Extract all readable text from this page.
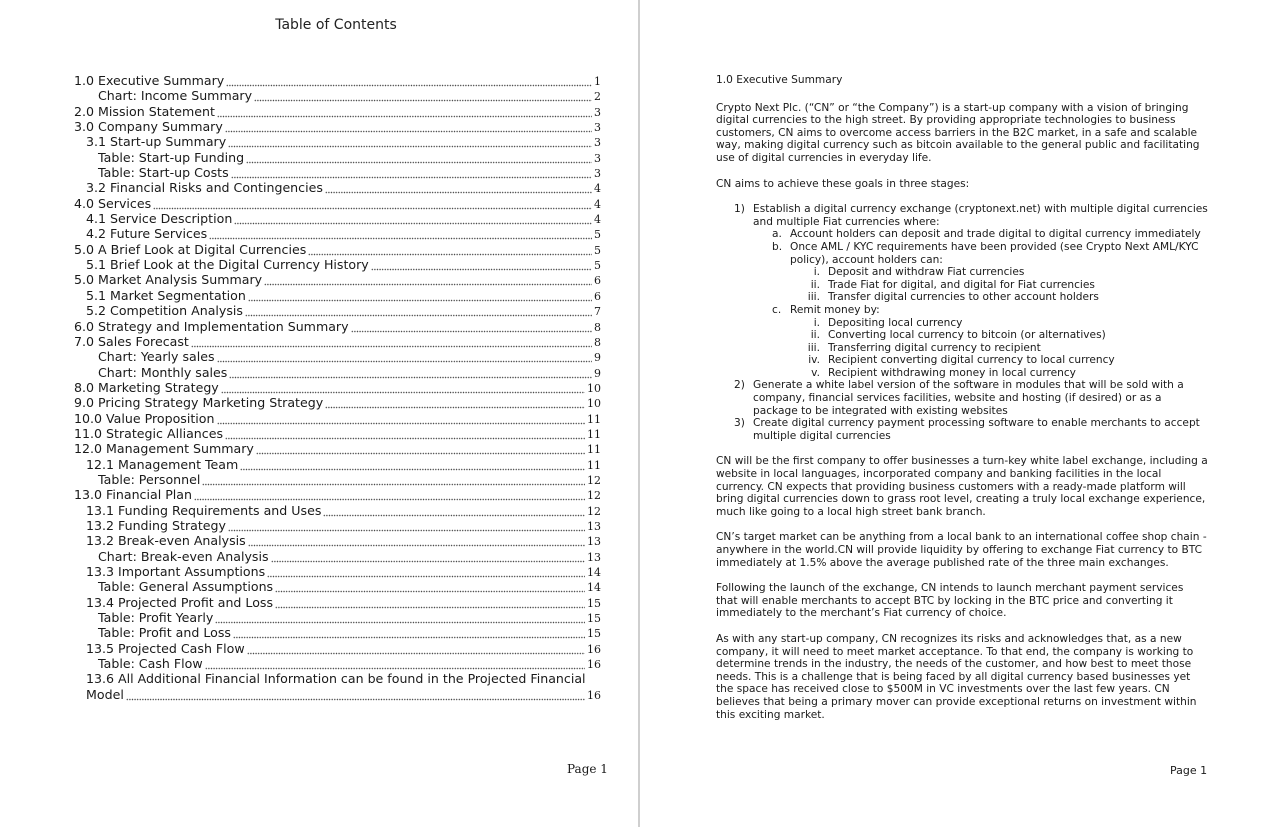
Table of Contents
1.0 Executive Summary	1
Chart: Income Summary	2
2.0 Mission Statement	3
3.0 Company Summary	3
3.1 Start-up Summary	3
Table: Start-up Funding	3
Table: Start-up Costs	3
3.2 Financial Risks and Contingencies	4
4.0 Services	4
4.1 Service Description	4
4.2 Future Services	5
5.0 A Brief Look at Digital Currencies	5
5.1 Brief Look at the Digital Currency History	5
5.0 Market Analysis Summary	6
5.1 Market Segmentation	6
5.2 Competition Analysis	7
6.0 Strategy and Implementation Summary	8
7.0 Sales Forecast	8
Chart: Yearly sales	9
Chart: Monthly sales	9
8.0 Marketing Strategy	10
9.0 Pricing Strategy Marketing Strategy	10
10.0 Value Proposition	11
11.0 Strategic Alliances	11
12.0 Management Summary	11
12.1 Management Team	11
Table: Personnel	12
13.0 Financial Plan	12
13.1 Funding Requirements and Uses	12
13.2 Funding Strategy	13
13.2 Break-even Analysis	13
Chart: Break-even Analysis	13
13.3 Important Assumptions	14
Table: General Assumptions	14
13.4 Projected Profit and Loss	15
Table: Profit Yearly	15
Table: Profit and Loss	15
13.5 Projected Cash Flow	16
Table: Cash Flow	16
13.6 All Additional Financial Information can be found in the Projected Financial
Model	16
Page 1
1.0 Executive Summary

Crypto Next Plc. (“CN” or “the Company”) is a start-up company with a vision of bringing digital currencies to the high street. By providing appropriate technologies to business customers, CN aims to overcome access barriers in the B2C market, in a safe and scalable way, making digital currency such as bitcoin available to the general public and facilitating use of digital currencies in everyday life.

CN aims to achieve these goals in three stages:

1) Establish a digital currency exchange (cryptonext.net) with multiple digital currencies and multiple Fiat currencies where:
a. Account holders can deposit and trade digital to digital currency immediately
b. Once AML / KYC requirements have been provided (see Crypto Next AML/KYC policy), account holders can:
i. Deposit and withdraw Fiat currencies
ii. Trade Fiat for digital, and digital for Fiat currencies
iii. Transfer digital currencies to other account holders
c. Remit money by:
i. Depositing local currency
ii. Converting local currency to bitcoin (or alternatives)
iii. Transferring digital currency to recipient
iv. Recipient converting digital currency to local currency
v. Recipient withdrawing money in local currency
2) Generate a white label version of the software in modules that will be sold with a company, financial services facilities, website and hosting (if desired) or as a package to be integrated with existing websites
3) Create digital currency payment processing software to enable merchants to accept multiple digital currencies

CN will be the first company to offer businesses a turn-key white label exchange, including a website in local languages, incorporated company and banking facilities in the local currency. CN expects that providing business customers with a ready-made platform will bring digital currencies down to grass root level, creating a truly local exchange experience, much like going to a local high street bank branch.

CN’s target market can be anything from a local bank to an international coffee shop chain - anywhere in the world.CN will provide liquidity by offering to exchange Fiat currency to BTC immediately at 1.5% above the average published rate of the three main exchanges.

Following the launch of the exchange, CN intends to launch merchant payment services that will enable merchants to accept BTC by locking in the BTC price and converting it immediately to the merchant’s Fiat currency of choice.

As with any start-up company, CN recognizes its risks and acknowledges that, as a new company, it will need to meet market acceptance. To that end, the company is working to determine trends in the industry, the needs of the customer, and how best to meet those needs. This is a challenge that is being faced by all digital currency based businesses yet the space has received close to $500M in VC investments over the last few years. CN believes that being a primary mover can provide exceptional returns on investment within this exciting market.

Page 1
